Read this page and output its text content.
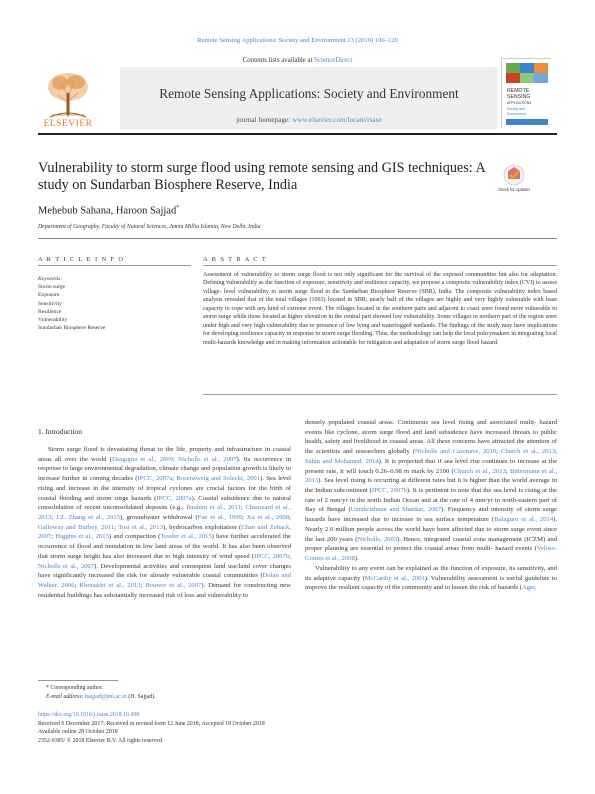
Remote Sensing Applications: Society and Environment 13 (2019) 106–120
Contents lists available at ScienceDirect
ELSEVIER
Remote Sensing Applications: Society and Environment
journal homepage: www.elsevier.com/locate/rsase
REMOTE
SENSING
APPLICATIONS
Society and
Environment
Vulnerability to storm surge flood using remote sensing and GIS techniques: A study on Sundarban Biosphere Reserve, India	Check for updates
Mehebub Sahana, Haroon Sajjad*
Department of Geography, Faculty of Natural Sciences, Jamia Millia Islamia, New Delhi, India
A R T I C L E I N F O	A B S T R A C T
Keywords:
Storm surge
Exposure
Sensitivity
Resilience
Vulnerability
Sundarban Biosphere Reserve
Assessment of vulnerability to storm surge flood is not only significant for the survival of the exposed communities but also for adaptation. Defining vulnerability as the function of exposure, sensitivity and resilience capacity, we propose a composite vulnerability index (CVI) to assess village- level vulnerability to storm surge flood in the Sundarban Biosphere Reserve (SBR), India. The composite vulnerability index based analysis revealed that of the total villages (1063) located in SBR; nearly half of the villages are highly and very highly vulnerable with least capacity to cope with any kind of extreme event. The villages located in the southern parts and adjacent to coast were found more vulnerable to storm surge while those located at higher elevation in the central part showed low vulnerability. Some villages in northern part of the region were under high and very high vulnerability due to presence of low lying and waterlogged wetlands. The findings of the study may have implications for developing resilience capacity in response to storm surge flooding. Thus, the methodology can help the local policymakers in integrating local multi-hazards knowledge and in making information actionable for mitigation and adaptation of storm surge flood hazard.
1. Introduction

Storm surge flood is devastating threat to the life, property and infrastructure in coastal areas all over the world (Dasgupta et al., 2009; Nicholls et al., 2007). Its occurrence in response to large environmental degradation, climate change and population growth is likely to increase further in coming decades (IPCC, 2007a; Rosenzweig and Solecki, 2001). Sea level rising and increase in the intensity of tropical cyclones are crucial factors for the birth of coastal flooding and storm surge hazards (IPCC, 2007a). Coastal subsidence due to natural consolidation of recent unconsolidated deposits (e.g., Ibrahim et al., 2011; Chaussard et al., 2013; J.Z. Zhang et al., 2015), groundwater withdrawal (Fan et al., 1999; Xu et al., 2008; Galloway and Burbey, 2011; Tosi et al., 2013), hydrocarbon exploitation (Chan and Zoback, 2007; Higgins et al., 2013) and compaction (Tessler et al., 2015) have further accelerated the occurrence of flood and inundation in low land areas of the world. It has also been observed that storm surge height has also increased due to high intensity of wind speed (IPCC, 2007b; Nicholls et al., 2007). Developmental activities and consequent land use/land cover changes have significantly increased the risk for already vulnerable coastal communities (Dolan and Walker, 2006; Khouakhi et al., 2013; Bouwer et al., 2007). Demand for constructing new residential buildings has substantially increased risk of loss and vulnerability to

densely populated coastal areas. Continuous sea level rising and associated multi- hazard events like cyclone, storm surge flood and land subsidence have increased threats to public health, safety and livelihood in coastal areas. All these concerns have attracted the attention of the scientists and researchers globally (Nicholls and Cazenave, 2010; Church et al., 2013; Sahin and Mohamed, 2014). It is projected that if sea level rise continues to increase at the present rate, it will touch 0.26–0.98 m mark by 2100 (Church et al., 2013; Bittermann et al., 2013). Sea level rising is occurring at different rates but it is higher than the world average in the Indian subcontinent (IPCC, 2007b). It is pertinent to note that the sea level is rising at the rate of 2 mm/yr in the north Indian Ocean and at the rate of 4 mm/yr in north-eastern part of Bay of Bengal (Unnikrishnan and Shankar, 2007). Frequency and intensity of storm surge hazards have increased due to increase in sea surface temperature (Balaguru et al., 2014). Nearly 2.6 million people across the world have been affected due to storm surge event since the last 200 years (Nicholls, 2003). Hence, integrated coastal zone management (ICZM) and proper planning are essential to protect the coastal areas from multi- hazard events (Veloso-Gomes et al., 2008).

Vulnerability to any event can be explained as the function of exposure, its sensitivity, and its adaptive capacity (McCarthy et al., 2001). Vulnerability assessment is useful guideline to improve the resilient capacity of the community and to lessen the risk of hazards (Ager,

* Corresponding author.
E-mail address: haqjad@jmi.ac.in (H. Sajjad).
https://doi.org/10.1016/j.rsase.2018.10.008
Received 6 December 2017; Received in revised form 12 June 2018; Accepted 18 October 2018
Available online 28 October 2018
2352-9385/ © 2018 Elsevier B.V. All rights reserved.
